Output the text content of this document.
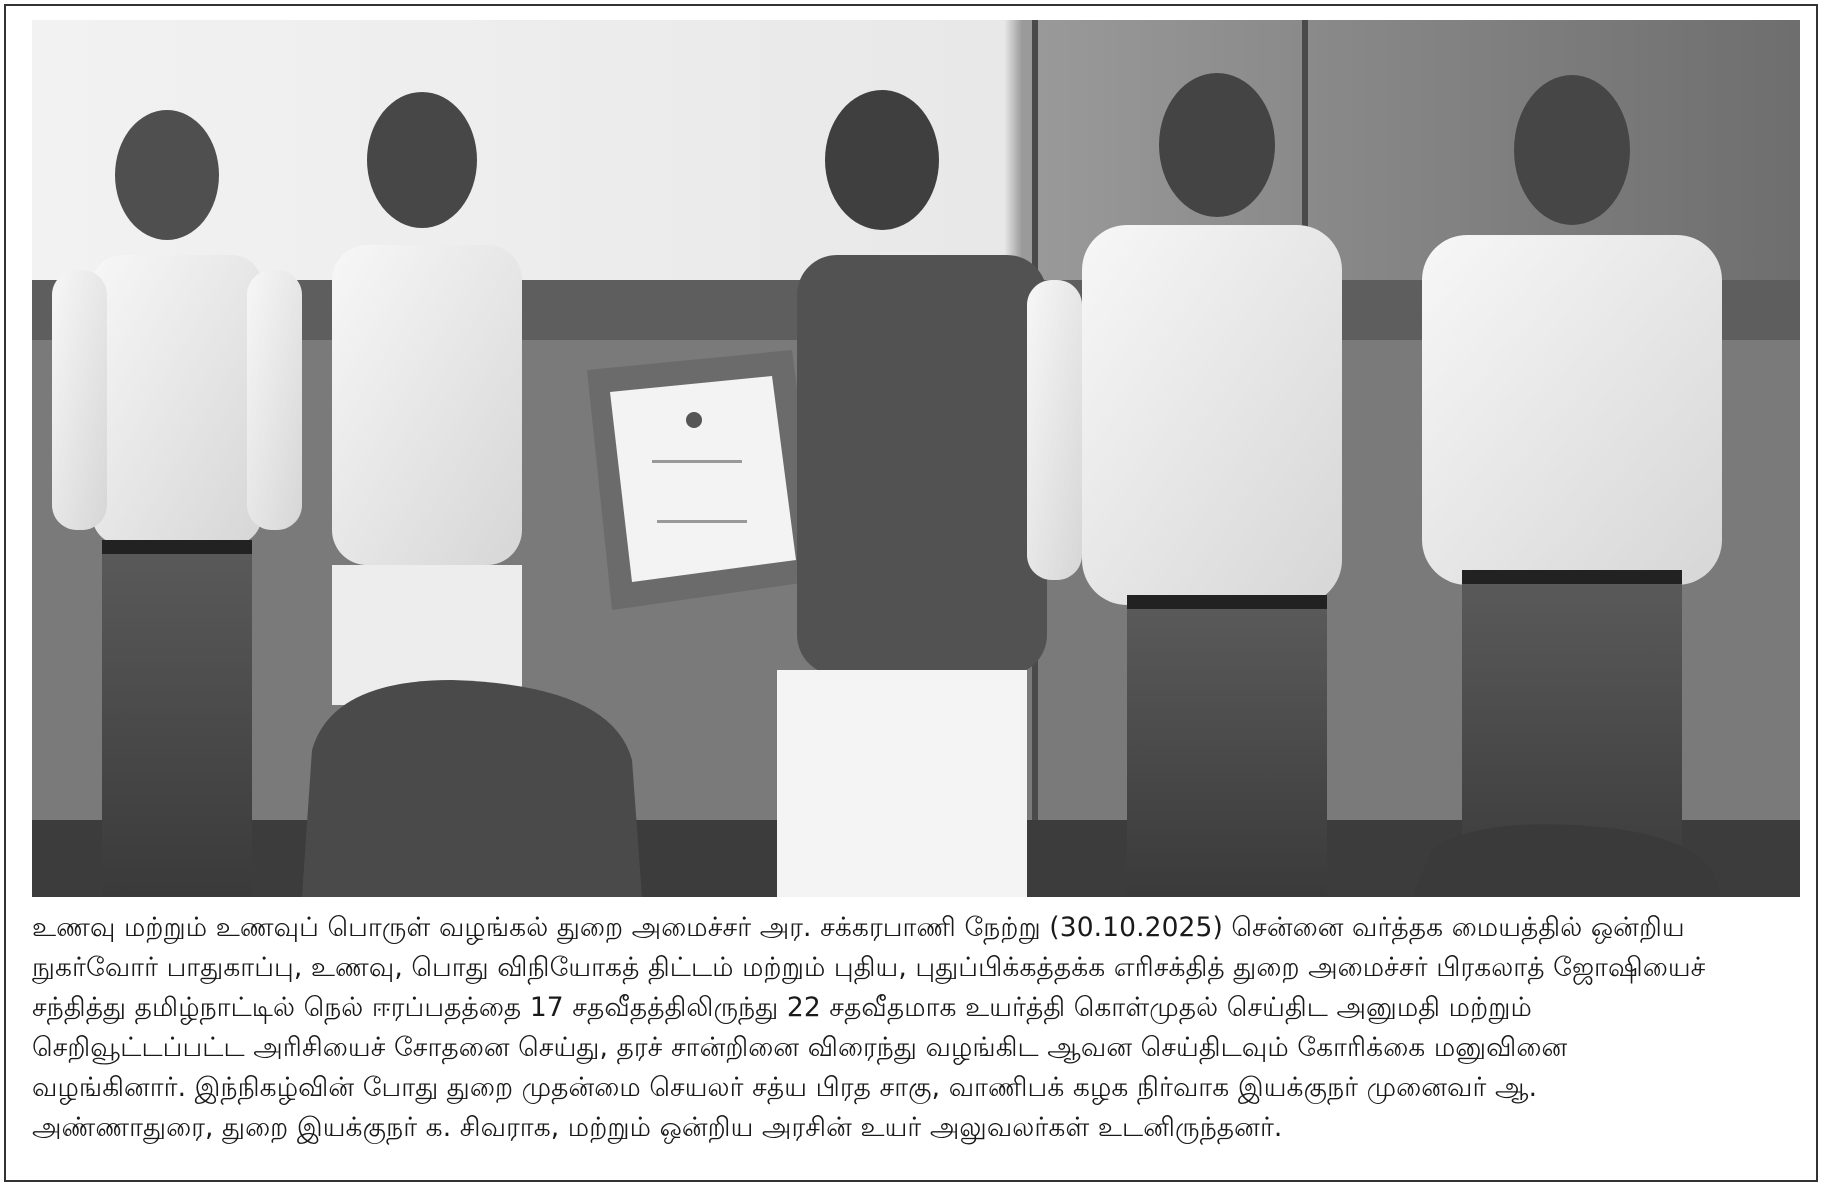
உணவு மற்றும் உணவுப் பொருள் வழங்கல் துறை அமைச்சர் அர. சக்கரபாணி நேற்று (30.10.2025) சென்னை வர்த்தக மையத்தில் ஒன்றிய
நுகர்வோர் பாதுகாப்பு, உணவு, பொது விநியோகத் திட்டம் மற்றும் புதிய, புதுப்பிக்கத்தக்க எரிசக்தித் துறை அமைச்சர் பிரகலாத் ஜோஷியைச்
சந்தித்து தமிழ்நாட்டில் நெல் ஈரப்பதத்தை 17 சதவீதத்திலிருந்து 22 சதவீதமாக உயர்த்தி கொள்முதல் செய்திட அனுமதி மற்றும்
செறிவூட்டப்பட்ட அரிசியைச் சோதனை செய்து, தரச் சான்றினை விரைந்து வழங்கிட ஆவன செய்திடவும் கோரிக்கை மனுவினை
வழங்கினார். இந்நிகழ்வின் போது துறை முதன்மை செயலர் சத்ய பிரத சாகு, வாணிபக் கழக நிர்வாக இயக்குநர் முனைவர் ஆ.
அண்ணாதுரை, துறை இயக்குநர் க. சிவராக, மற்றும் ஒன்றிய அரசின் உயர் அலுவலர்கள் உடனிருந்தனர்.
